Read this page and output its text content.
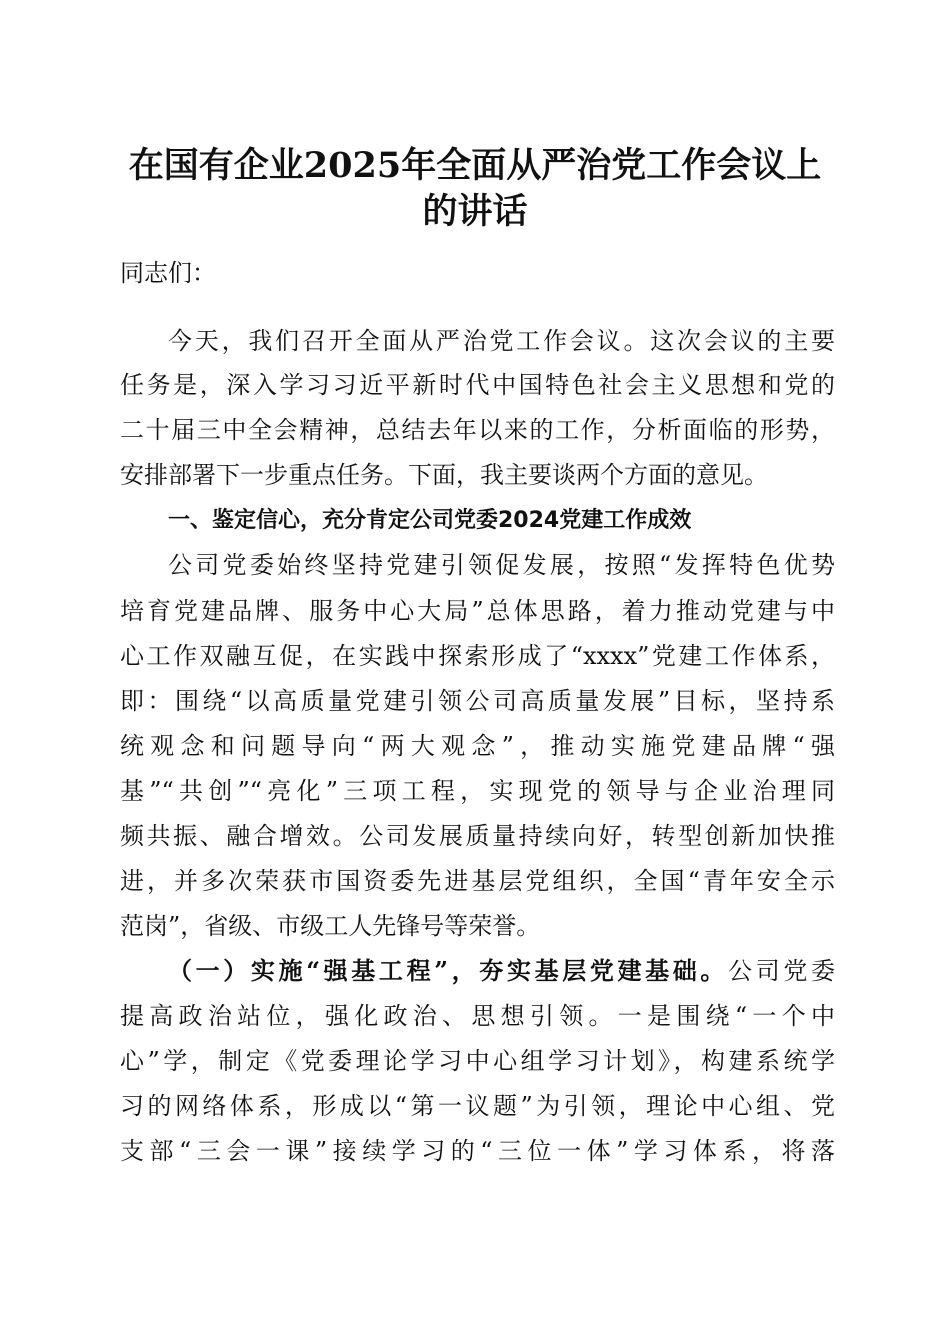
在国有企业2025年全面从严治党工作会议上
的讲话
同志们：
今天，我们召开全面从严治党工作会议。这次会议的主要
任务是，深入学习习近平新时代中国特色社会主义思想和党的
二十届三中全会精神，总结去年以来的工作，分析面临的形势，
安排部署下一步重点任务。下面，我主要谈两个方面的意见。
一、鉴定信心，充分肯定公司党委2024党建工作成效
公司党委始终坚持党建引领促发展，按照“发挥特色优势
培育党建品牌、服务中心大局”总体思路，着力推动党建与中
心工作双融互促，在实践中探索形成了“xxxx”党建工作体系，
即：围绕“以高质量党建引领公司高质量发展”目标，坚持系
统观念和问题导向“两大观念”，推动实施党建品牌“强
基”“共创”“亮化”三项工程，实现党的领导与企业治理同
频共振、融合增效。公司发展质量持续向好，转型创新加快推
进，并多次荣获市国资委先进基层党组织，全国“青年安全示
范岗”，省级、市级工人先锋号等荣誉。
（一）实施“强基工程”，夯实基层党建基础。公司党委
提高政治站位，强化政治、思想引领。一是围绕“一个中
心”学，制定《党委理论学习中心组学习计划》，构建系统学
习的网络体系，形成以“第一议题”为引领，理论中心组、党
支部“三会一课”接续学习的“三位一体”学习体系，将落
